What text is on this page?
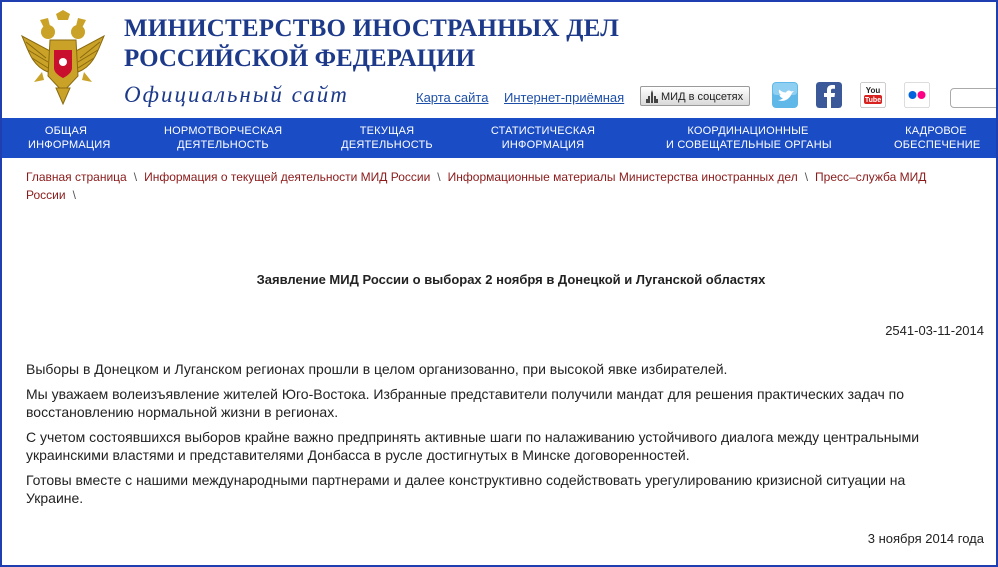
МИНИСТЕРСТВО ИНОСТРАННЫХ ДЕЛ
РОССИЙСКОЙ ФЕДЕРАЦИИ
Официальный сайт	Карта сайта Интернет-приёмная	МИД в соцсетях
You
Tube
ОБЩАЯ
ИНФОРМАЦИЯ
НОРМОТВОРЧЕСКАЯ
ДЕЯТЕЛЬНОСТЬ
ТЕКУЩАЯ
ДЕЯТЕЛЬНОСТЬ
СТАТИСТИЧЕСКАЯ
ИНФОРМАЦИЯ
КООРДИНАЦИОННЫЕ
И СОВЕЩАТЕЛЬНЫЕ ОРГАНЫ
КАДРОВОЕ
ОБЕСПЕЧЕНИЕ
Главная страница \ Информация о текущей деятельности МИД России \ Информационные материалы Министерства иностранных дел \ Пресс–служба МИД России \
Заявление МИД России о выборах 2 ноября в Донецкой и Луганской областях
2541-03-11-2014

Выборы в Донецком и Луганском регионах прошли в целом организованно, при высокой явке избирателей.

Мы уважаем волеизъявление жителей Юго-Востока. Избранные представители получили мандат для решения практических задач по восстановлению нормальной жизни в регионах.

С учетом состоявшихся выборов крайне важно предпринять активные шаги по налаживанию устойчивого диалога между центральными украинскими властями и представителями Донбасса в русле достигнутых в Минске договоренностей.

Готовы вместе с нашими международными партнерами и далее конструктивно содействовать урегулированию кризисной ситуации на Украине.

3 ноября 2014 года
